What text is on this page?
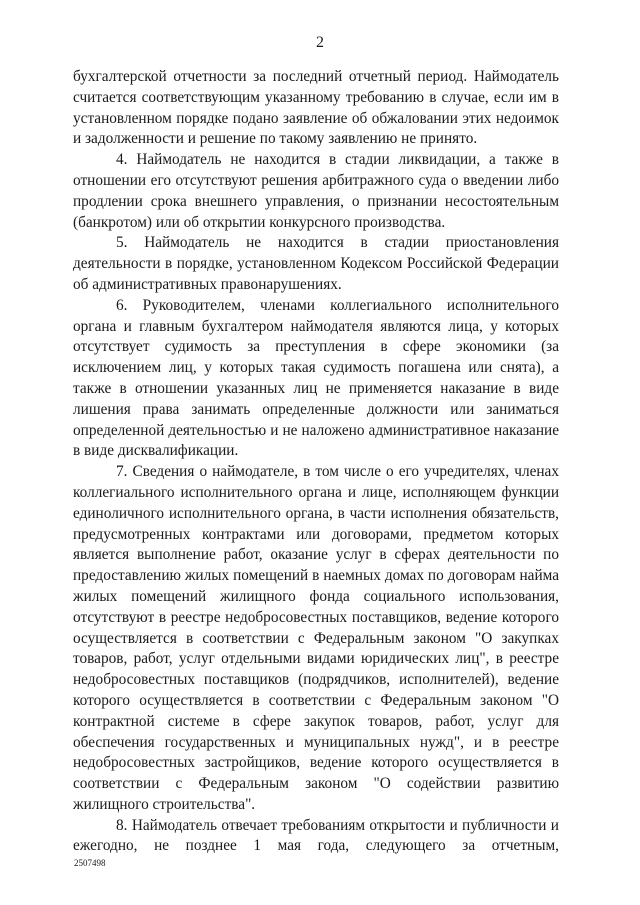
2

бухгалтерской отчетности за последний отчетный период. Наймодатель считается соответствующим указанному требованию в случае, если им в установленном порядке подано заявление об обжаловании этих недоимок и задолженности и решение по такому заявлению не принято.

4. Наймодатель не находится в стадии ликвидации, а также в отношении его отсутствуют решения арбитражного суда о введении либо продлении срока внешнего управления, о признании несостоятельным (банкротом) или об открытии конкурсного производства.

5. Наймодатель не находится в стадии приостановления деятельности в порядке, установленном Кодексом Российской Федерации об административных правонарушениях.

6. Руководителем, членами коллегиального исполнительного органа и главным бухгалтером наймодателя являются лица, у которых отсутствует судимость за преступления в сфере экономики (за исключением лиц, у которых такая судимость погашена или снята), а также в отношении указанных лиц не применяется наказание в виде лишения права занимать определенные должности или заниматься определенной деятельностью и не наложено административное наказание в виде дисквалификации.

7. Сведения о наймодателе, в том числе о его учредителях, членах коллегиального исполнительного органа и лице, исполняющем функции единоличного исполнительного органа, в части исполнения обязательств, предусмотренных контрактами или договорами, предметом которых является выполнение работ, оказание услуг в сферах деятельности по предоставлению жилых помещений в наемных домах по договорам найма жилых помещений жилищного фонда социального использования, отсутствуют в реестре недобросовестных поставщиков, ведение которого осуществляется в соответствии с Федеральным законом "О закупках товаров, работ, услуг отдельными видами юридических лиц", в реестре недобросовестных поставщиков (подрядчиков, исполнителей), ведение которого осуществляется в соответствии с Федеральным законом "О контрактной системе в сфере закупок товаров, работ, услуг для обеспечения государственных и муниципальных нужд", и в реестре недобросовестных застройщиков, ведение которого осуществляется в соответствии с Федеральным законом "О содействии развитию жилищного строительства".

8. Наймодатель отвечает требованиям открытости и публичности и ежегодно, не позднее 1 мая года, следующего за отчетным,

2507498
